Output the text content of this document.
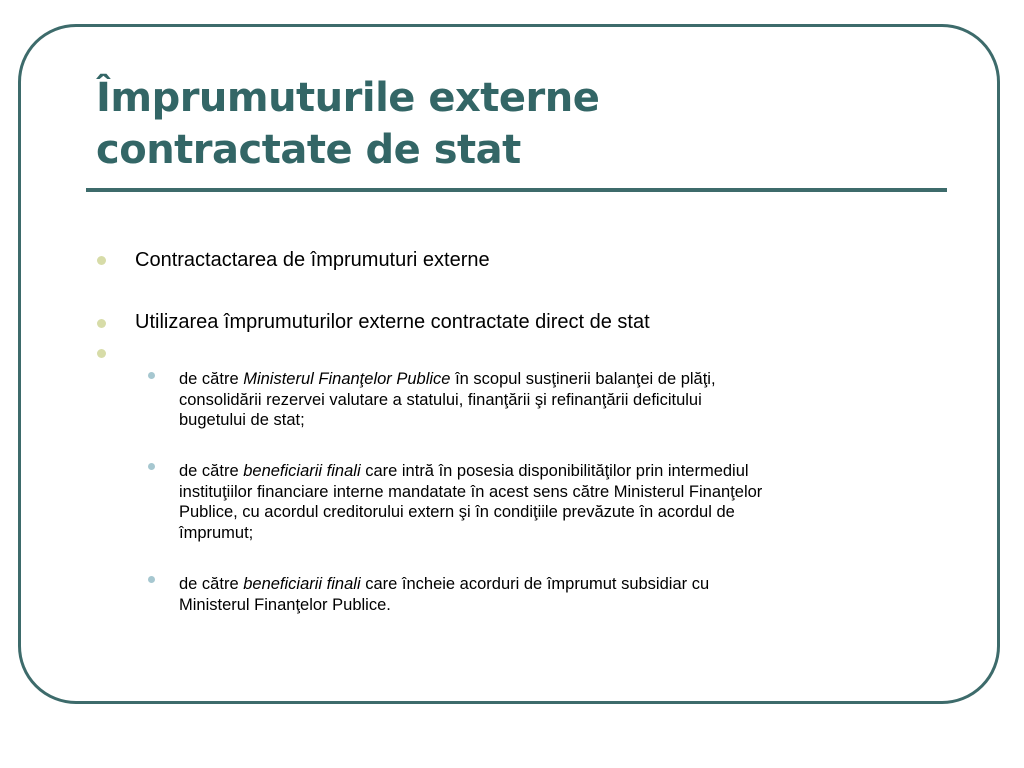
Împrumuturile externe
contractate de stat
Contractactarea de împrumuturi externe
Utilizarea împrumuturilor externe contractate direct de stat
de către Ministerul Finanţelor Publice în scopul susţinerii balanţei de plăţi,
consolidării rezervei valutare a statului, finanţării şi refinanţării deficitului
bugetului de stat;
de către beneficiarii finali care intră în posesia disponibilităţilor prin intermediul
instituţiilor financiare interne mandatate în acest sens către Ministerul Finanţelor
Publice, cu acordul creditorului extern şi în condiţiile prevăzute în acordul de
împrumut;
de către beneficiarii finali care încheie acorduri de împrumut subsidiar cu
Ministerul Finanţelor Publice.
